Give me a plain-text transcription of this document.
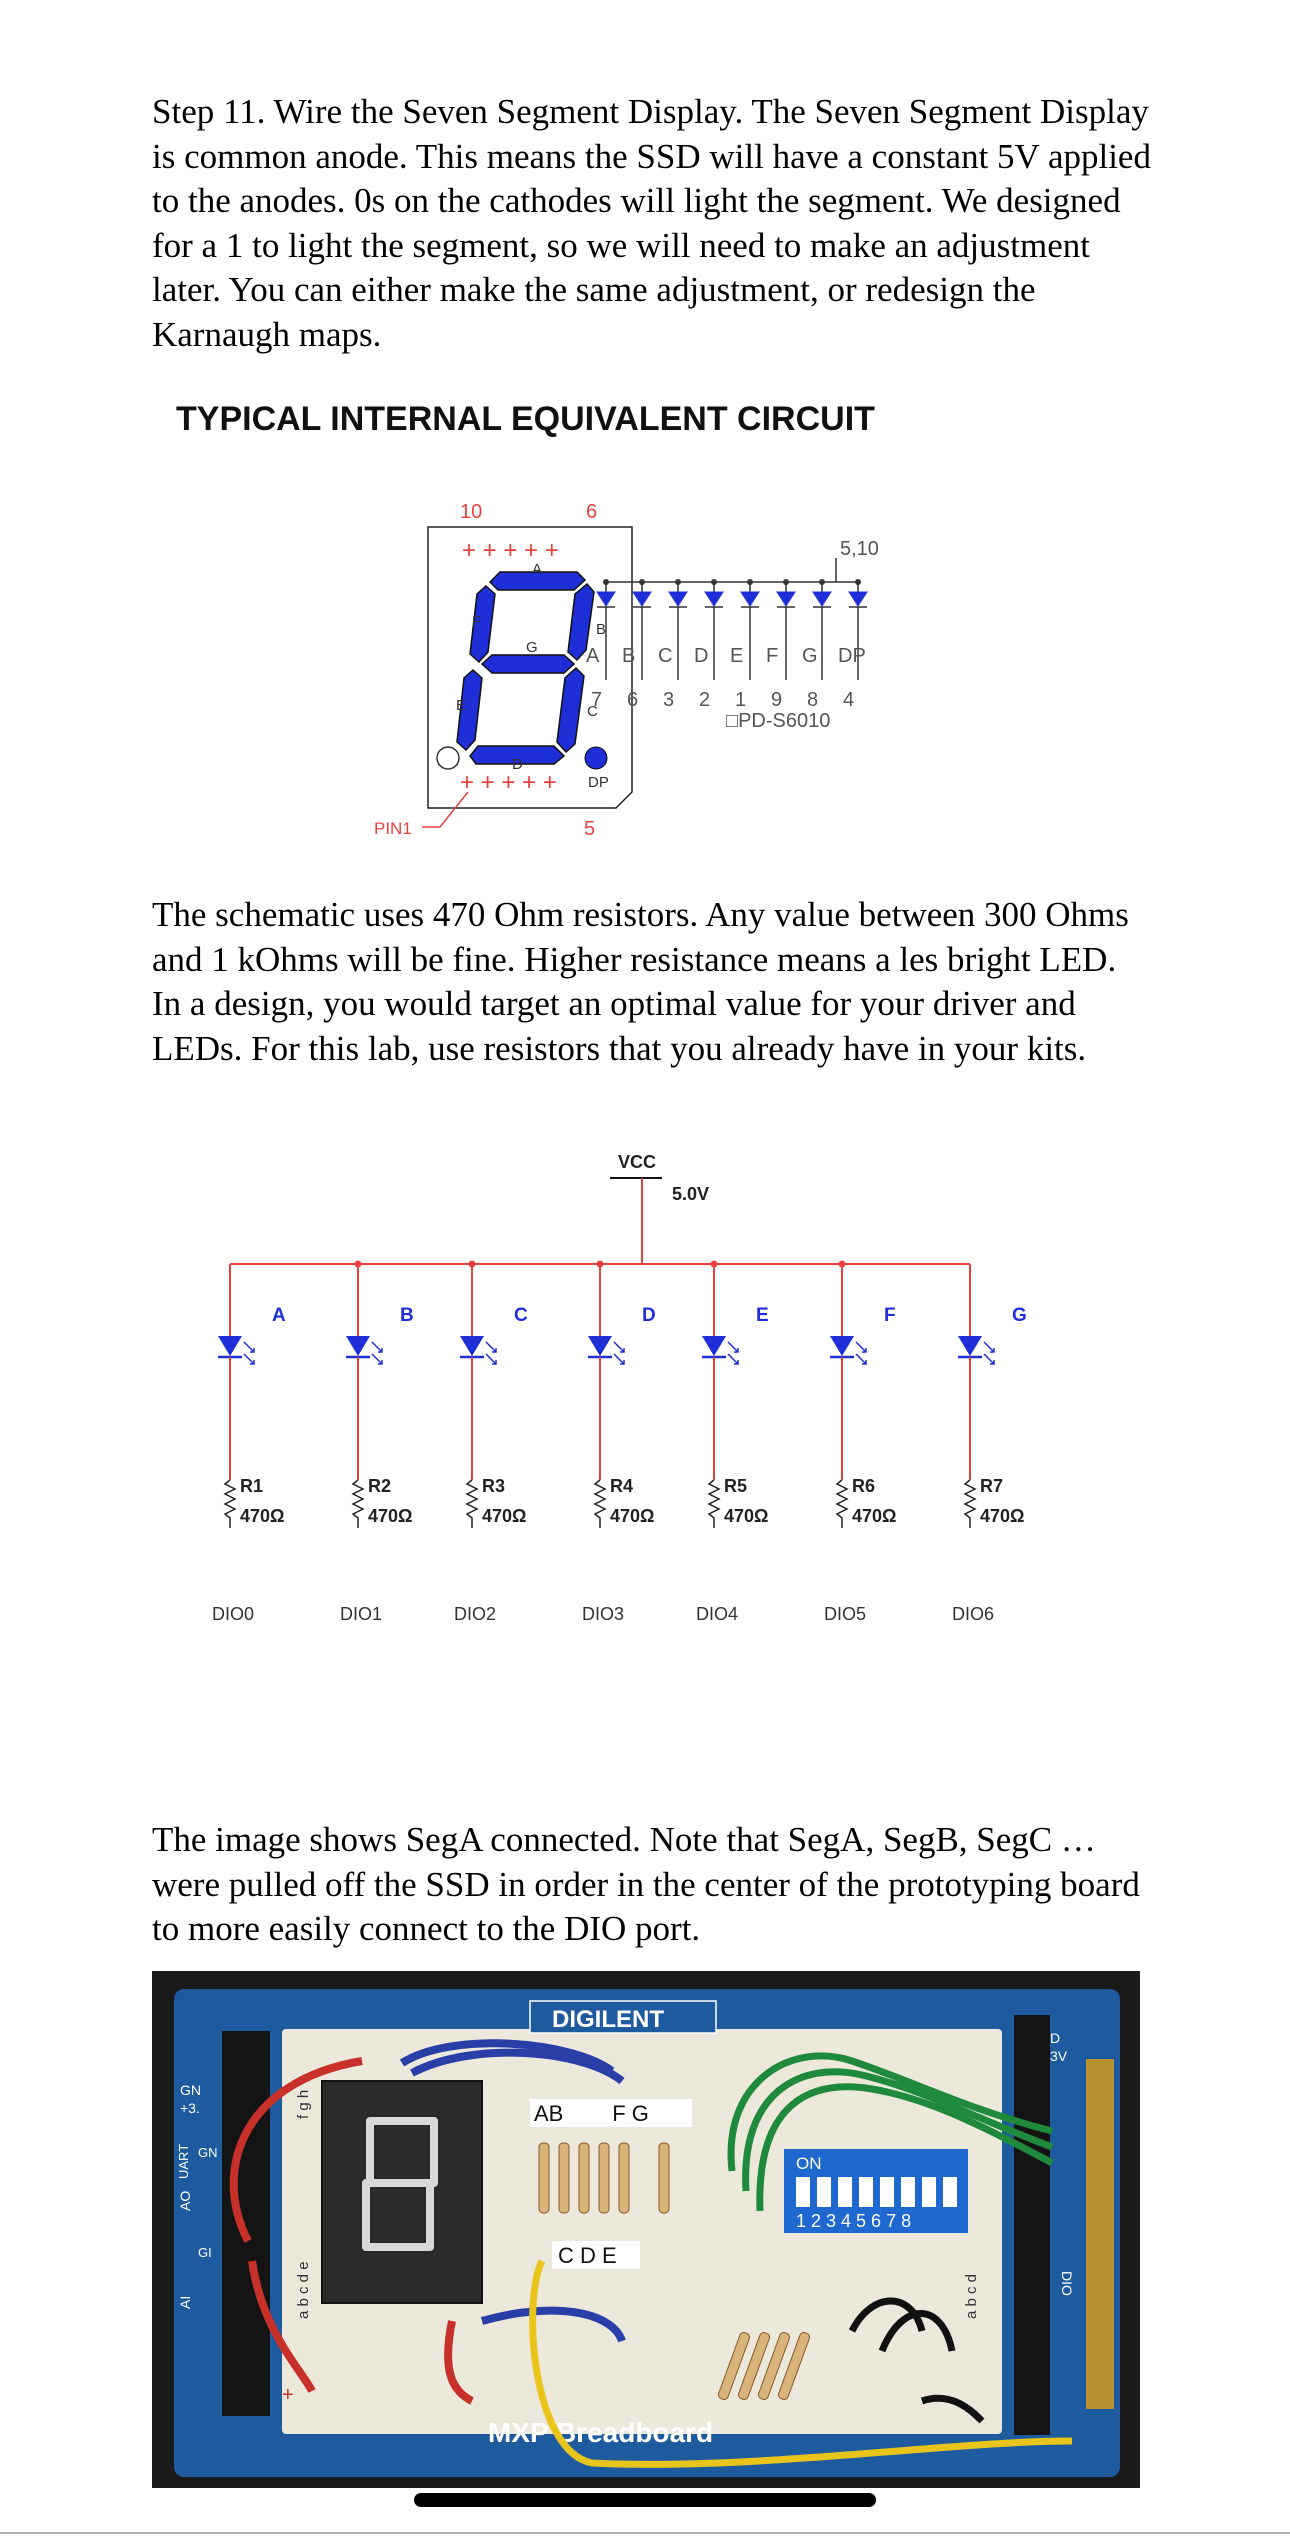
Step 11. Wire the Seven Segment Display. The Seven Segment Display is common anode. This means the SSD will have a constant 5V applied to the anodes. 0s on the cathodes will light the segment. We designed for a 1 to light the segment, so we will need to make an adjustment later. You can either make the same adjustment, or redesign the Karnaugh maps.

TYPICAL INTERNAL EQUIVALENT CIRCUIT
10	6
+ + + + +
+ + + + +
5
PIN1
A
B
C
D
E
F
G
DP
A
7
B
6
C
3
D
2
E
1
F
9
G
8
DP
4
5,10
□PD-S6010

The schematic uses 470 Ohm resistors. Any value between 300 Ohms and 1 kOhms will be fine. Higher resistance means a les bright LED. In a design, you would target an optimal value for your driver and LEDs. For this lab, use resistors that you already have in your kits.

VCC
5.0V
A
R1
470Ω
DIO0
B
R2
470Ω
DIO1
C
R3
470Ω
DIO2
D
R4
470Ω
DIO3
E
R5
470Ω
DIO4
F
R6
470Ω
DIO5
G
R7
470Ω
DIO6

The image shows SegA connected. Note that SegA, SegB, SegC … were pulled off the SSD in order in the center of the prototyping board to more easily connect to the DIO port.

DIGILENT
MXP Breadboard
AB        F G
C D E
ON
1 2 3 4 5 6 7 8
GN
+3.
UART GN
AO
GI
AI
D
3V
DIO
a b c d e
f g h
a b c d
+
